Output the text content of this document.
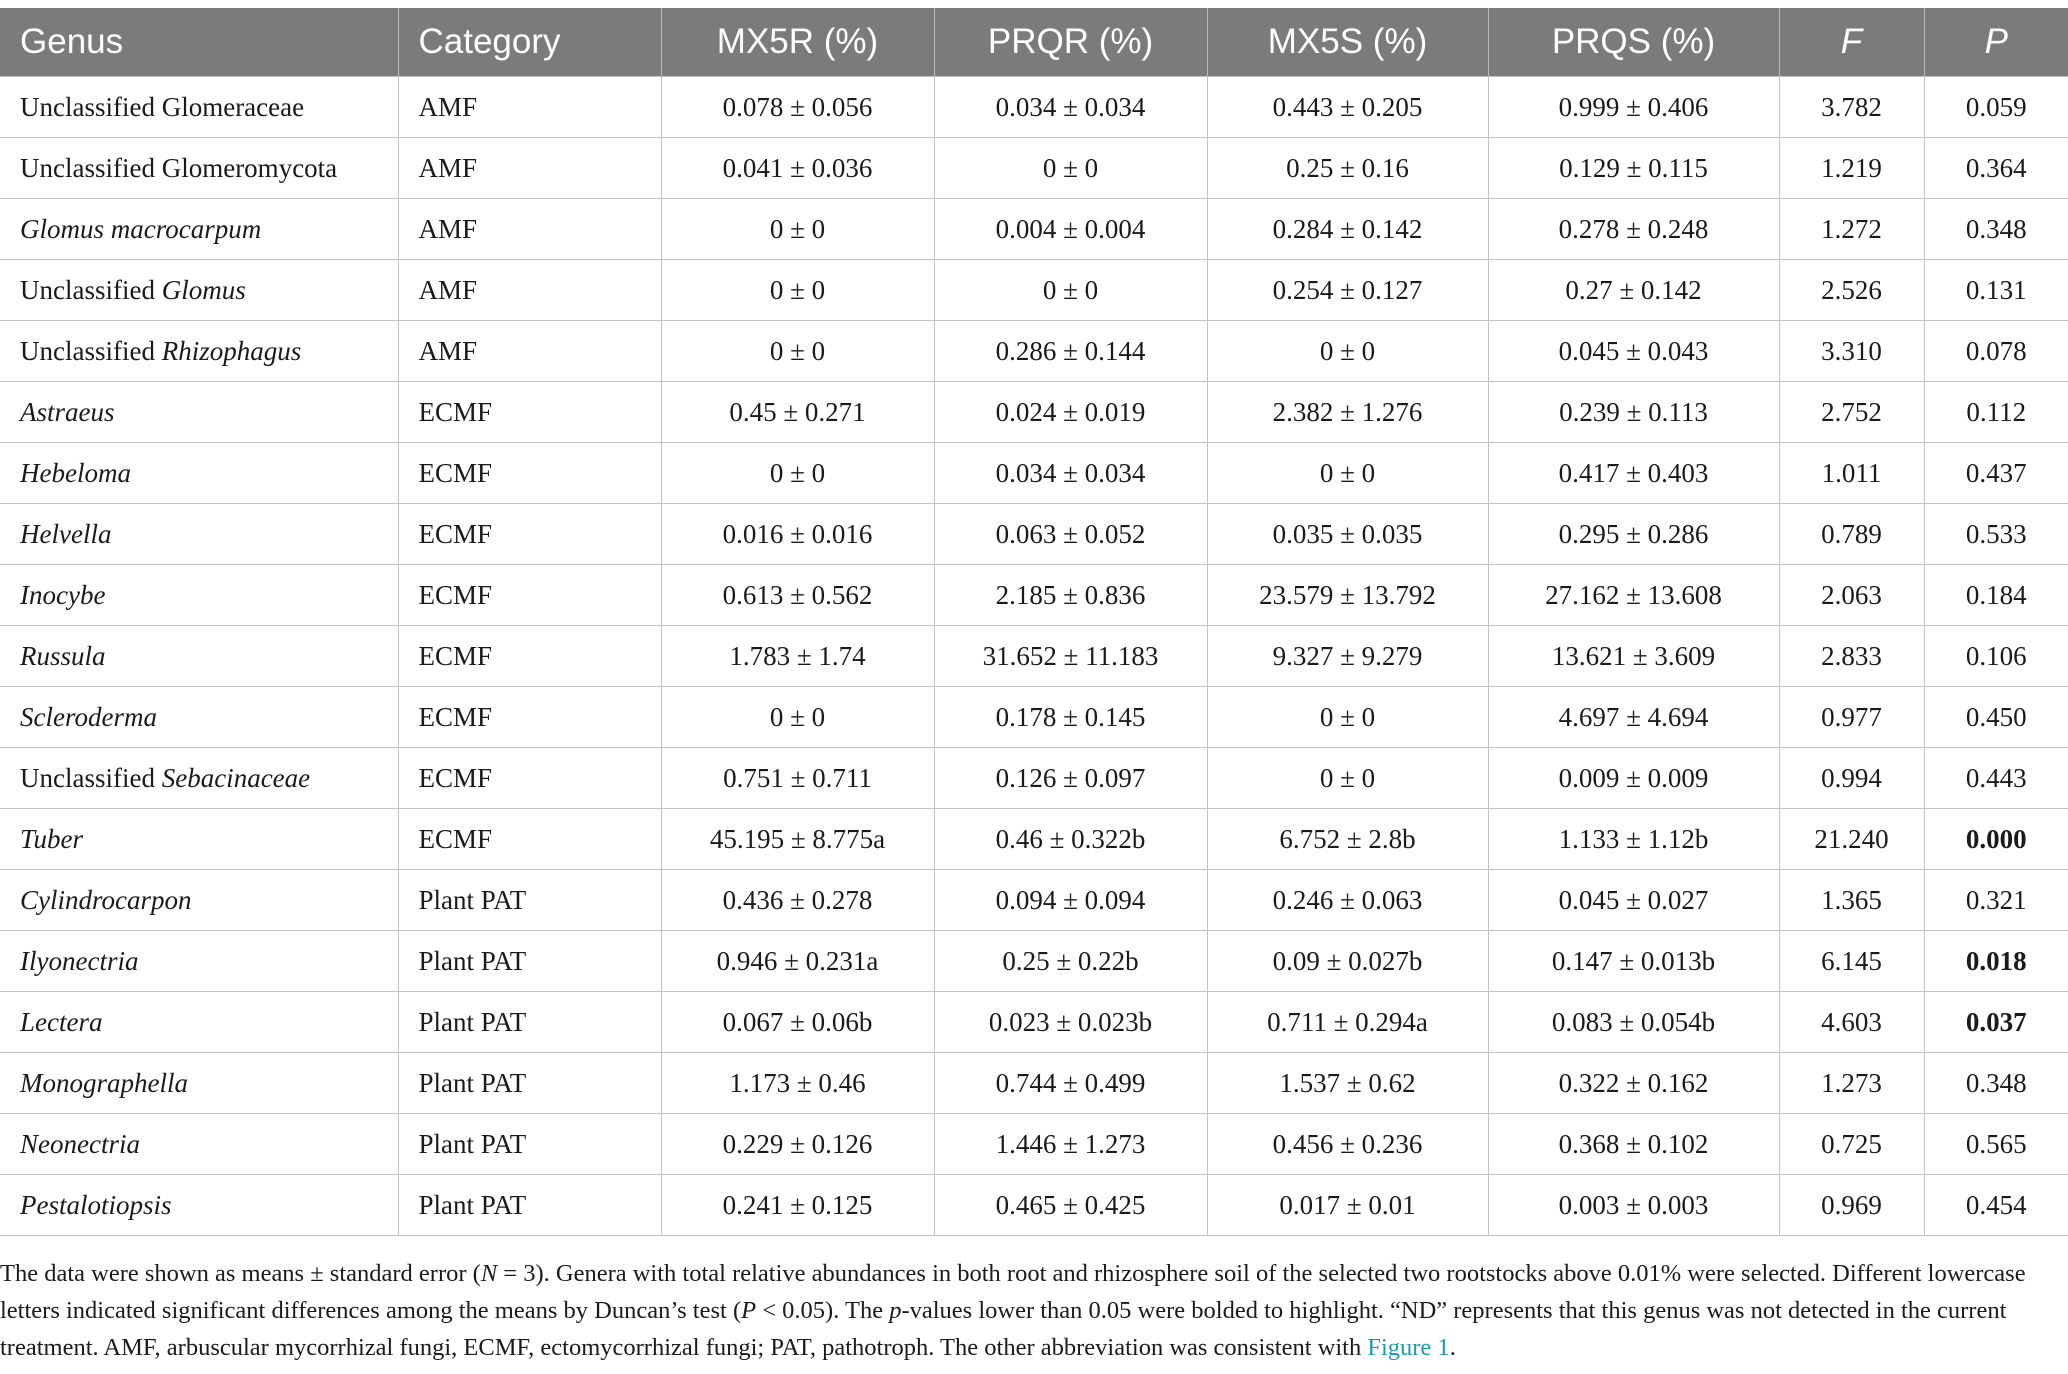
Genus	Category	MX5R (%)	PRQR (%)	MX5S (%)	PRQS (%)	F	P
Unclassified Glomeraceae	AMF	0.078 ± 0.056	0.034 ± 0.034	0.443 ± 0.205	0.999 ± 0.406	3.782	0.059
Unclassified Glomeromycota	AMF	0.041 ± 0.036	0 ± 0	0.25 ± 0.16	0.129 ± 0.115	1.219	0.364
Glomus macrocarpum	AMF	0 ± 0	0.004 ± 0.004	0.284 ± 0.142	0.278 ± 0.248	1.272	0.348
Unclassified Glomus	AMF	0 ± 0	0 ± 0	0.254 ± 0.127	0.27 ± 0.142	2.526	0.131
Unclassified Rhizophagus	AMF	0 ± 0	0.286 ± 0.144	0 ± 0	0.045 ± 0.043	3.310	0.078
Astraeus	ECMF	0.45 ± 0.271	0.024 ± 0.019	2.382 ± 1.276	0.239 ± 0.113	2.752	0.112
Hebeloma	ECMF	0 ± 0	0.034 ± 0.034	0 ± 0	0.417 ± 0.403	1.011	0.437
Helvella	ECMF	0.016 ± 0.016	0.063 ± 0.052	0.035 ± 0.035	0.295 ± 0.286	0.789	0.533
Inocybe	ECMF	0.613 ± 0.562	2.185 ± 0.836	23.579 ± 13.792	27.162 ± 13.608	2.063	0.184
Russula	ECMF	1.783 ± 1.74	31.652 ± 11.183	9.327 ± 9.279	13.621 ± 3.609	2.833	0.106
Scleroderma	ECMF	0 ± 0	0.178 ± 0.145	0 ± 0	4.697 ± 4.694	0.977	0.450
Unclassified Sebacinaceae	ECMF	0.751 ± 0.711	0.126 ± 0.097	0 ± 0	0.009 ± 0.009	0.994	0.443
Tuber	ECMF	45.195 ± 8.775a	0.46 ± 0.322b	6.752 ± 2.8b	1.133 ± 1.12b	21.240	0.000
Cylindrocarpon	Plant PAT	0.436 ± 0.278	0.094 ± 0.094	0.246 ± 0.063	0.045 ± 0.027	1.365	0.321
Ilyonectria	Plant PAT	0.946 ± 0.231a	0.25 ± 0.22b	0.09 ± 0.027b	0.147 ± 0.013b	6.145	0.018
Lectera	Plant PAT	0.067 ± 0.06b	0.023 ± 0.023b	0.711 ± 0.294a	0.083 ± 0.054b	4.603	0.037
Monographella	Plant PAT	1.173 ± 0.46	0.744 ± 0.499	1.537 ± 0.62	0.322 ± 0.162	1.273	0.348
Neonectria	Plant PAT	0.229 ± 0.126	1.446 ± 1.273	0.456 ± 0.236	0.368 ± 0.102	0.725	0.565
Pestalotiopsis	Plant PAT	0.241 ± 0.125	0.465 ± 0.425	0.017 ± 0.01	0.003 ± 0.003	0.969	0.454
The data were shown as means ± standard error (N = 3). Genera with total relative abundances in both root and rhizosphere soil of the selected two rootstocks above 0.01% were selected. Different lowercase letters indicated significant differences among the means by Duncan’s test (P < 0.05). The p-values lower than 0.05 were bolded to highlight. “ND” represents that this genus was not detected in the current treatment. AMF, arbuscular mycorrhizal fungi, ECMF, ectomycorrhizal fungi; PAT, pathotroph. The other abbreviation was consistent with Figure 1.
